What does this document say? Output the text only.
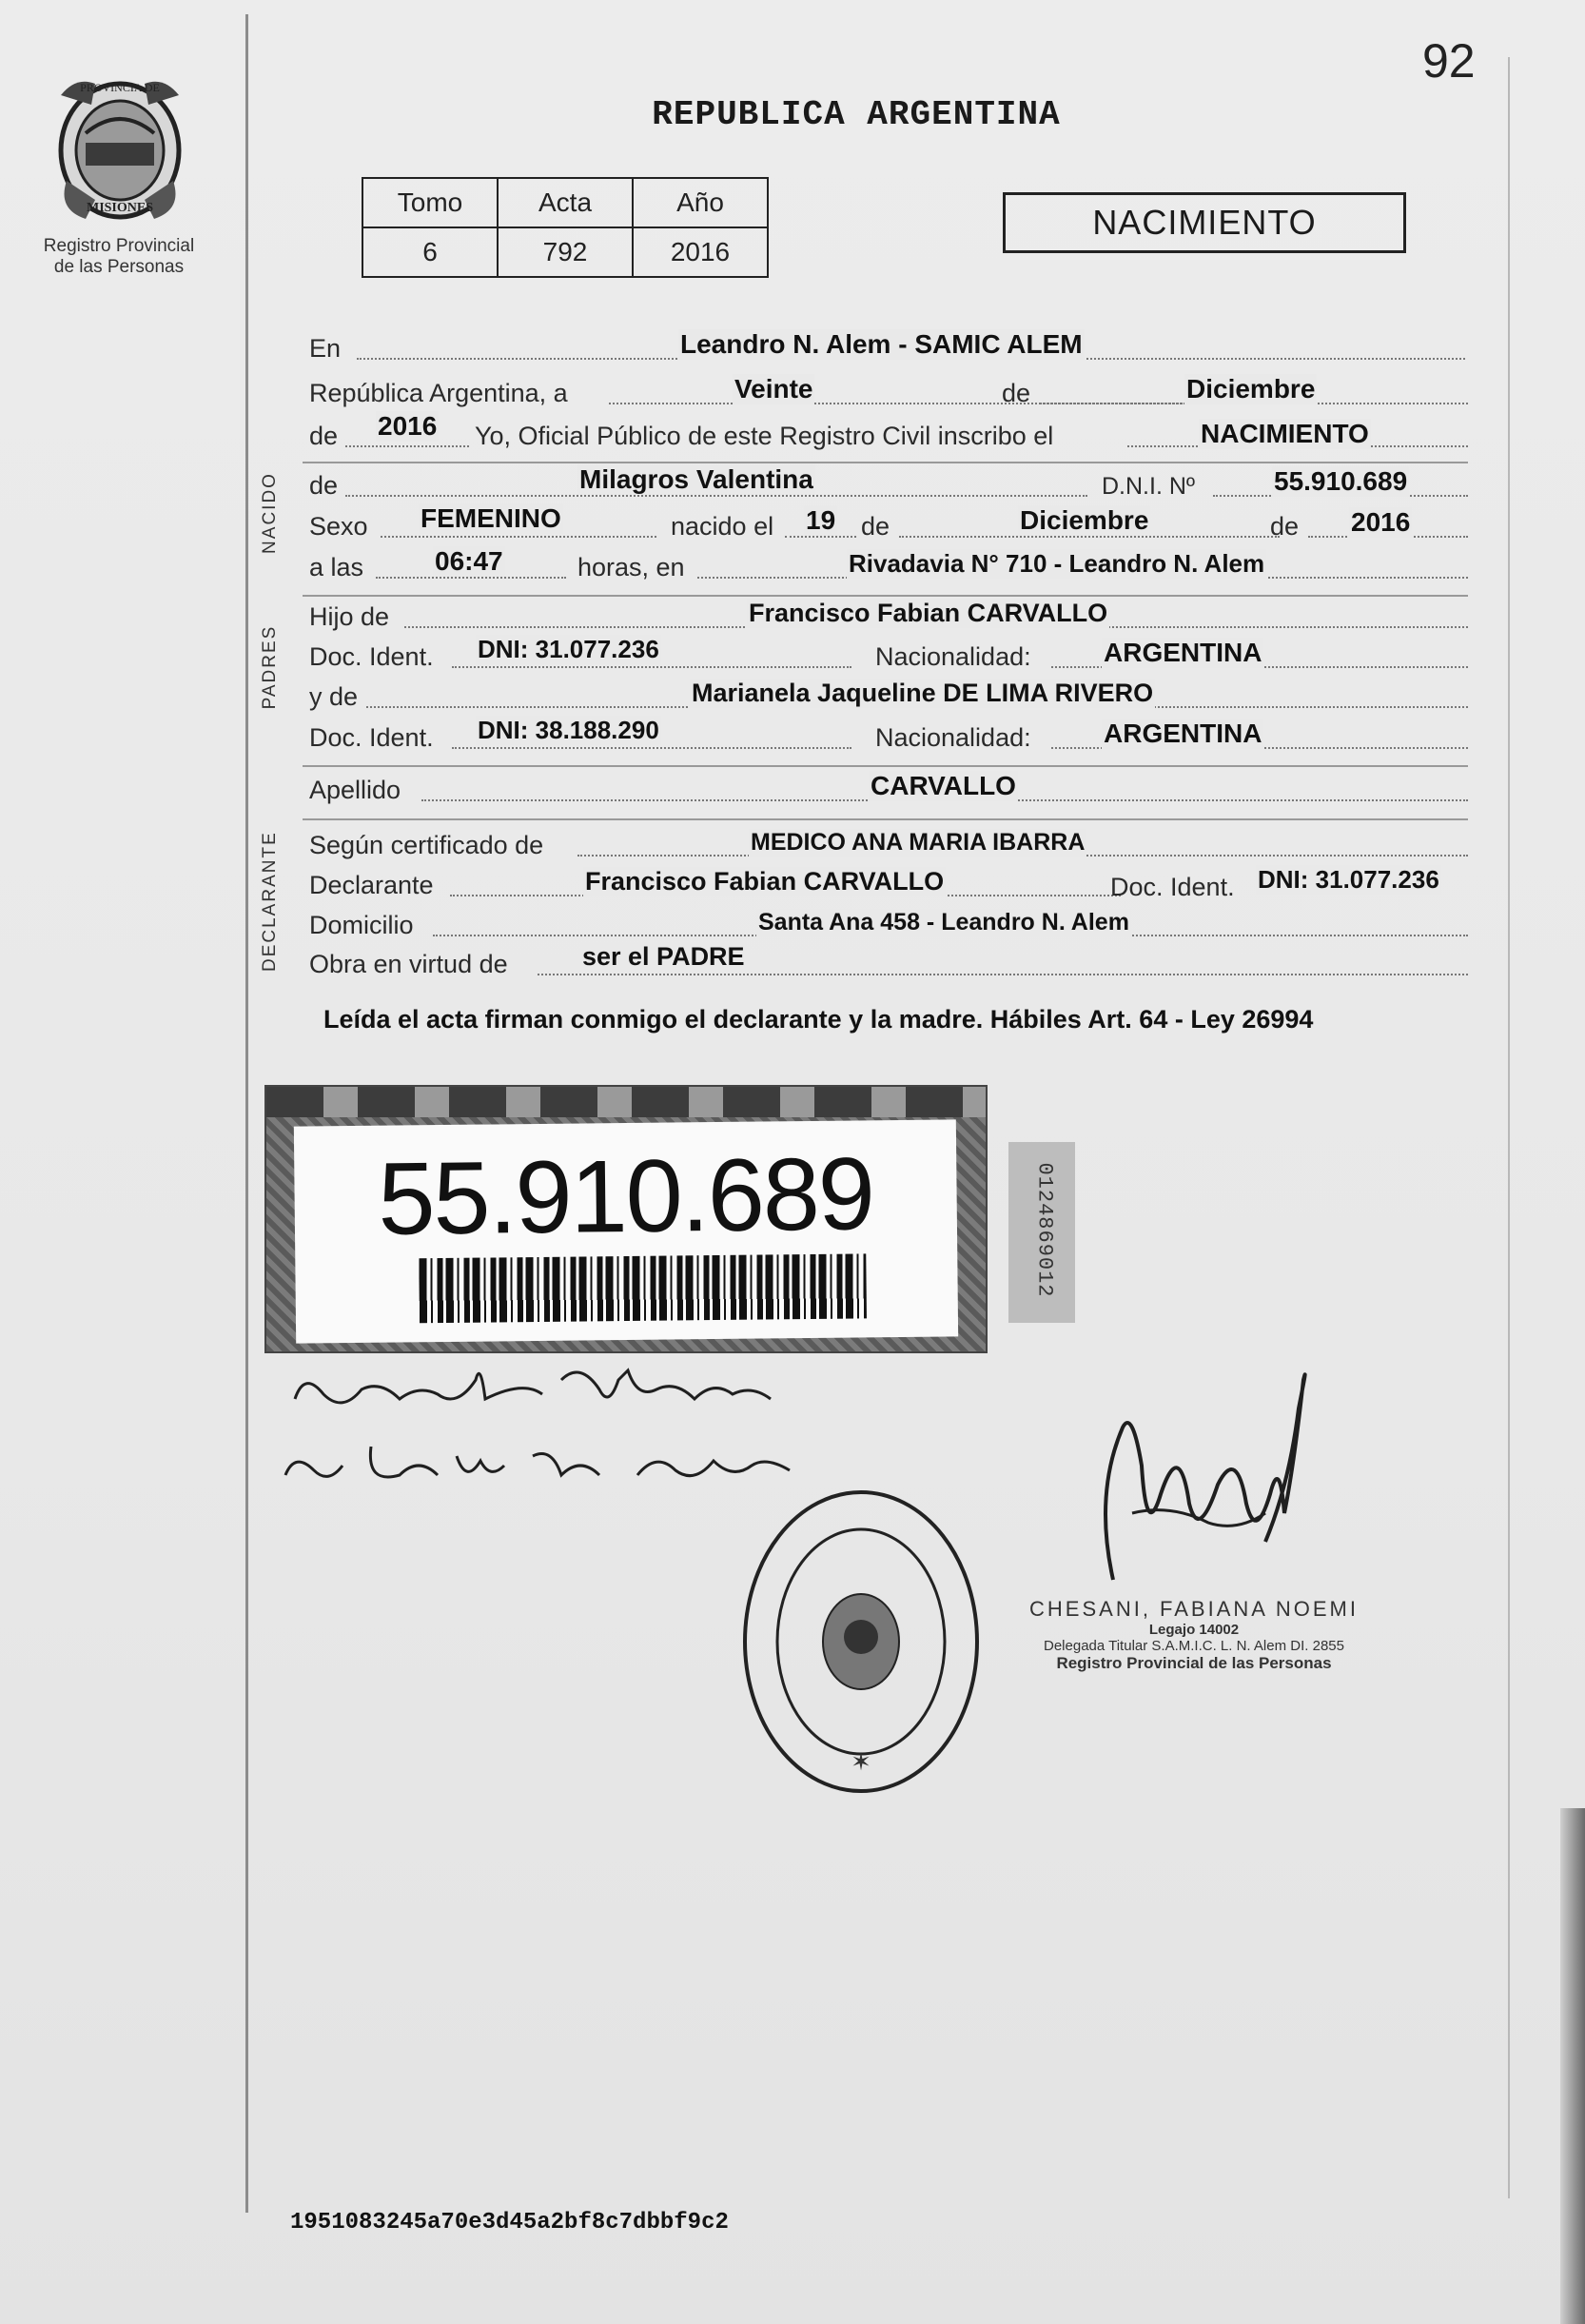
PROVINCIA DE
MISIONES
Registro Provincial
de las Personas
92
REPUBLICA ARGENTINA
Tomo	Acta	Año
6	792	2016
NACIMIENTO
En	Leandro N. Alem - SAMIC ALEM
República Argentina, a	Veinte	de	Diciembre
de 2016 Yo, Oficial Público de este Registro Civil inscribo el	NACIMIENTO
NACIDO de	Milagros Valentina	D.N.I. Nº	55.910.689
Sexo FEMENINO	nacido el 19 de	Diciembre	de 2016
a las	06:47	horas, en	Rivadavia N° 710 - Leandro N. Alem
PADRES
Hijo de	Francisco Fabian CARVALLO
Doc. Ident. DNI: 31.077.236	Nacionalidad:	ARGENTINA
y de	Marianela Jaqueline DE LIMA RIVERO
Doc. Ident. DNI: 38.188.290	Nacionalidad:	ARGENTINA
Apellido	CARVALLO
DECLARANTE Según certificado de	MEDICO ANA MARIA IBARRA
Declarante	Francisco Fabian CARVALLO	Doc. Ident. DNI: 31.077.236
Domicilio	Santa Ana 458 - Leandro N. Alem
Obra en virtud de	ser el PADRE
Leída el acta firman conmigo el declarante y la madre. Hábiles Art. 64 - Ley 26994
55.910.689	0124869012
✶
CHESANI, FABIANA NOEMI
Legajo 14002
Delegada Titular S.A.M.I.C. L. N. Alem DI. 2855
Registro Provincial de las Personas
1951083245a70e3d45a2bf8c7dbbf9c2
